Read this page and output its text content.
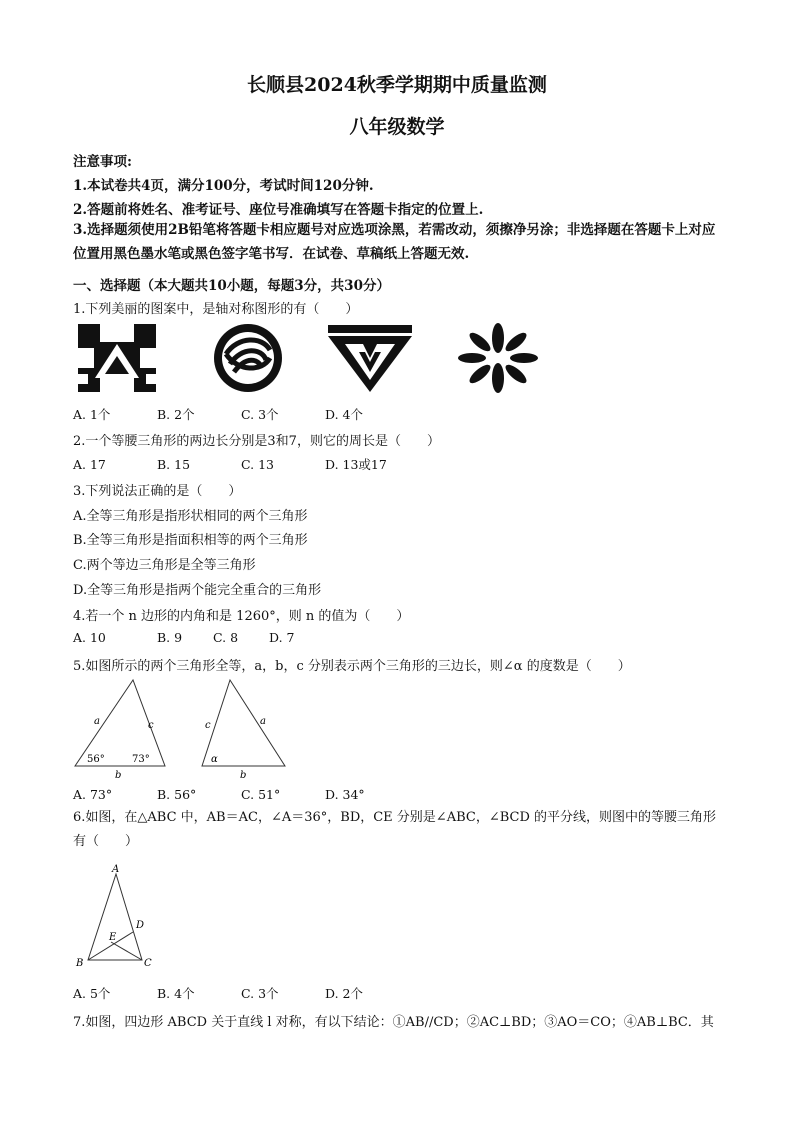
长顺县2024秋季学期期中质量监测
八年级数学
注意事项:
1.本试卷共4页，满分100分，考试时间120分钟.
2.答题前将姓名、准考证号、座位号准确填写在答题卡指定的位置上.
3.选择题须使用2B铅笔将答题卡相应题号对应选项涂黑，若需改动，须擦净另涂；非选择题在答题卡上对应位置用黑色墨水笔或黑色签字笔书写．在试卷、草稿纸上答题无效.
一、选择题（本大题共10小题，每题3分，共30分）
1.下列美丽的图案中，是轴对称图形的有（　　）
A. 1个	B. 2个	C. 3个	D. 4个
2.一个等腰三角形的两边长分别是3和7，则它的周长是（　　）
A. 17	B. 15	C. 13	D. 13或17
3.下列说法正确的是（　　）
A.全等三角形是指形状相同的两个三角形
B.全等三角形是指面积相等的两个三角形
C.两个等边三角形是全等三角形
D.全等三角形是指两个能完全重合的三角形
4.若一个 n 边形的内角和是 1260°，则 n 的值为（　　）
A. 10	B. 9 C. 8 D. 7
5.如图所示的两个三角形全等，a，b，c 分别表示两个三角形的三边长，则∠α 的度数是（　　）
a	c
b
56°	73°
c	a
b
α
A. 73°	B. 56°	C. 51°	D. 34°
6.如图，在△ABC 中，AB＝AC，∠A＝36°，BD，CE 分别是∠ABC，∠BCD 的平分线，则图中的等腰三角形有（　　）
A
B	C
D
E
A. 5个	B. 4个	C. 3个	D. 2个
7.如图，四边形 ABCD 关于直线 l 对称，有以下结论：①AB//CD；②AC⊥BD；③AO＝CO；④AB⊥BC．其
